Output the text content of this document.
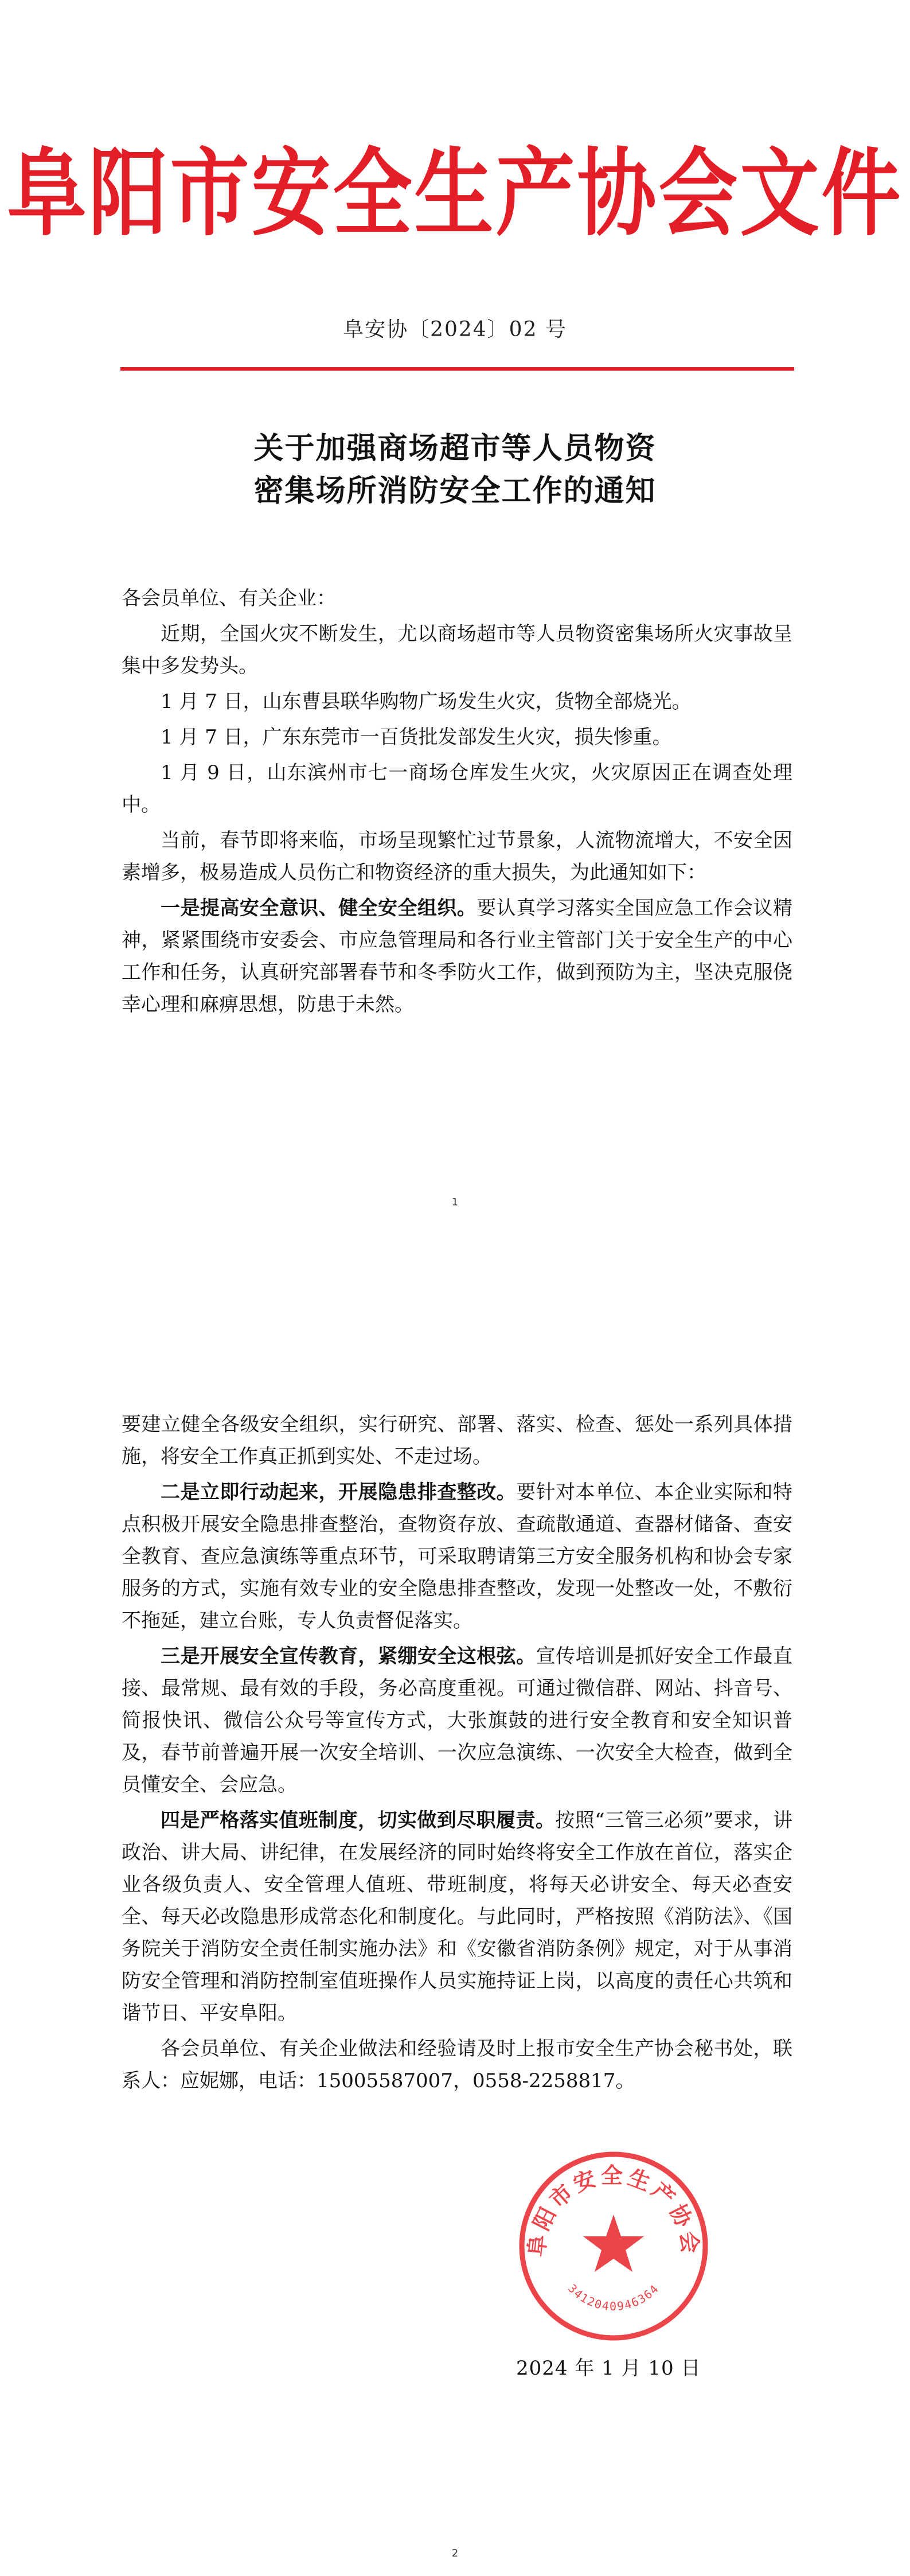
阜阳市安全生产协会文件
阜安协〔2024〕02 号
关于加强商场超市等人员物资
密集场所消防安全工作的通知

各会员单位、有关企业：

近期，全国火灾不断发生，尤以商场超市等人员物资密集场所火灾事故呈集中多发势头。

1 月 7 日，山东曹县联华购物广场发生火灾，货物全部烧光。

1 月 7 日，广东东莞市一百货批发部发生火灾，损失惨重。

1 月 9 日，山东滨州市七一商场仓库发生火灾，火灾原因正在调查处理中。

当前，春节即将来临，市场呈现繁忙过节景象，人流物流增大，不安全因素增多，极易造成人员伤亡和物资经济的重大损失，为此通知如下：

一是提高安全意识、健全安全组织。要认真学习落实全国应急工作会议精神，紧紧围绕市安委会、市应急管理局和各行业主管部门关于安全生产的中心工作和任务，认真研究部署春节和冬季防火工作，做到预防为主，坚决克服侥幸心理和麻痹思想，防患于未然。

1

要建立健全各级安全组织，实行研究、部署、落实、检查、惩处一系列具体措施，将安全工作真正抓到实处、不走过场。

二是立即行动起来，开展隐患排查整改。要针对本单位、本企业实际和特点积极开展安全隐患排查整治，查物资存放、查疏散通道、查器材储备、查安全教育、查应急演练等重点环节，可采取聘请第三方安全服务机构和协会专家服务的方式，实施有效专业的安全隐患排查整改，发现一处整改一处，不敷衍不拖延，建立台账，专人负责督促落实。

三是开展安全宣传教育，紧绷安全这根弦。宣传培训是抓好安全工作最直接、最常规、最有效的手段，务必高度重视。可通过微信群、网站、抖音号、简报快讯、微信公众号等宣传方式，大张旗鼓的进行安全教育和安全知识普及，春节前普遍开展一次安全培训、一次应急演练、一次安全大检查，做到全员懂安全、会应急。

四是严格落实值班制度，切实做到尽职履责。按照“三管三必须”要求，讲政治、讲大局、讲纪律，在发展经济的同时始终将安全工作放在首位，落实企业各级负责人、安全管理人值班、带班制度，将每天必讲安全、每天必查安全、每天必改隐患形成常态化和制度化。与此同时，严格按照《消防法》、《国务院关于消防安全责任制实施办法》和《安徽省消防条例》规定，对于从事消防安全管理和消防控制室值班操作人员实施持证上岗，以高度的责任心共筑和谐节日、平安阜阳。

各会员单位、有关企业做法和经验请及时上报市安全生产协会秘书处，联系人：应妮娜，电话：15005587007，0558-2258817。

阜阳市安全生产协会
3412040946364
2024 年 1 月 10 日
2
